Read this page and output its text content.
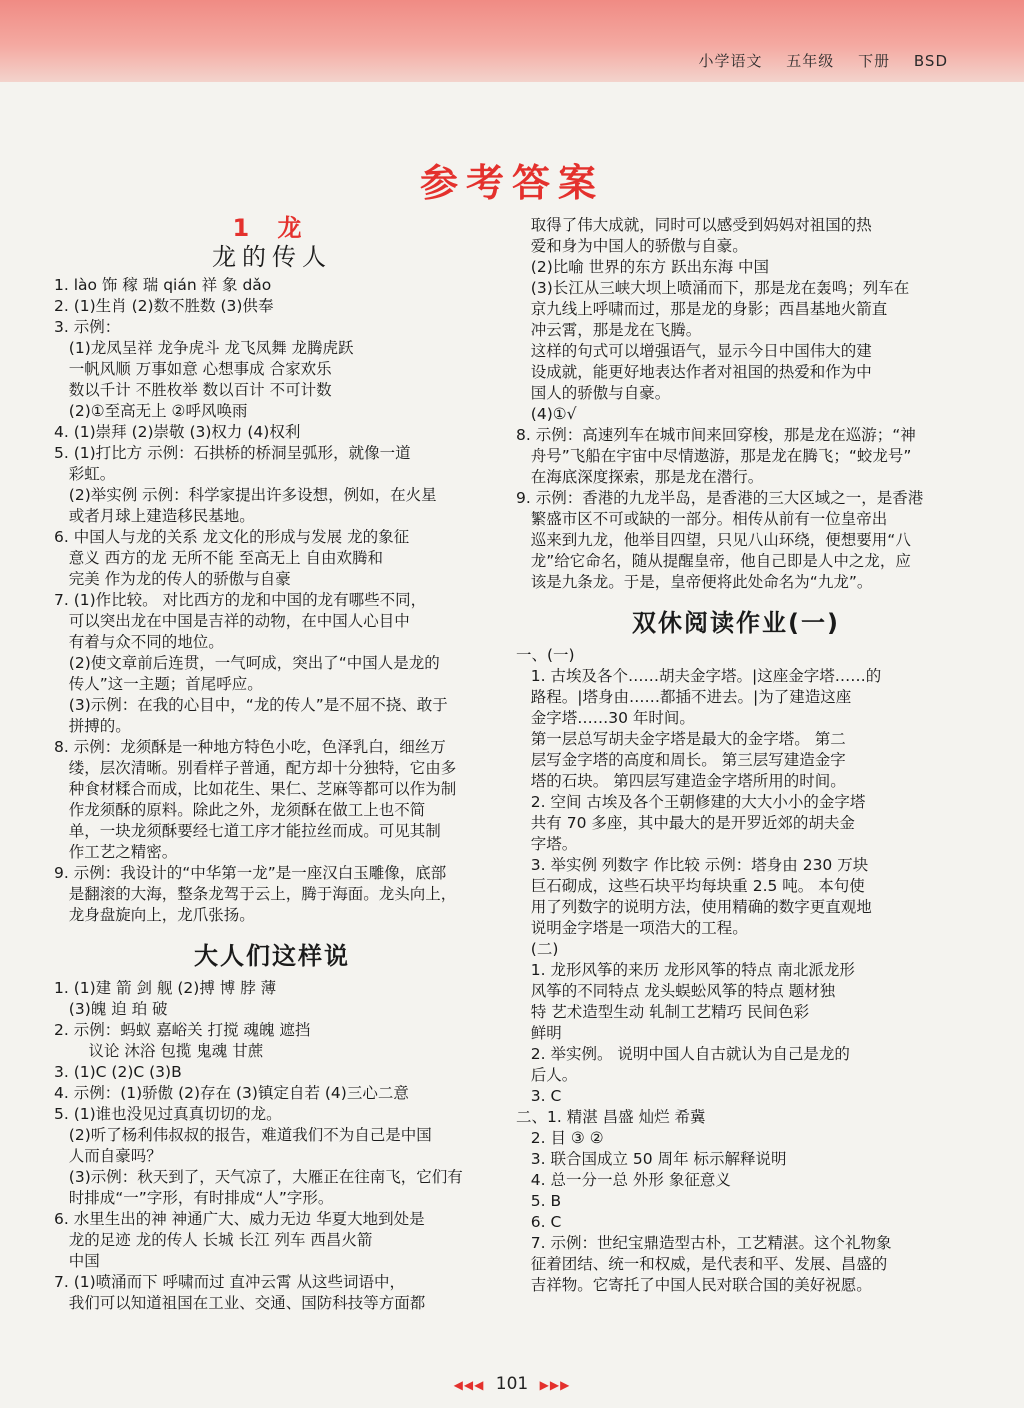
小学语文 五年级 下册 BSD
参考答案
1 龙
龙的传人
1. lào 饰 稼 瑞 qián 祥 象 dǎo
2. (1)生肖 (2)数不胜数 (3)供奉
3. 示例：
(1)龙凤呈祥 龙争虎斗 龙飞凤舞 龙腾虎跃
一帆风顺 万事如意 心想事成 合家欢乐
数以千计 不胜枚举 数以百计 不可计数
(2)①至高无上 ②呼风唤雨
4. (1)崇拜 (2)崇敬 (3)权力 (4)权利
5. (1)打比方 示例：石拱桥的桥洞呈弧形，就像一道
彩虹。
(2)举实例 示例：科学家提出许多设想，例如，在火星
或者月球上建造移民基地。
6. 中国人与龙的关系 龙文化的形成与发展 龙的象征
意义 西方的龙 无所不能 至高无上 自由欢腾和
完美 作为龙的传人的骄傲与自豪
7. (1)作比较。 对比西方的龙和中国的龙有哪些不同，
可以突出龙在中国是吉祥的动物，在中国人心目中
有着与众不同的地位。
(2)使文章前后连贯，一气呵成，突出了“中国人是龙的
传人”这一主题；首尾呼应。
(3)示例：在我的心目中，“龙的传人”是不屈不挠、敢于
拼搏的。
8. 示例：龙须酥是一种地方特色小吃，色泽乳白，细丝万
缕，层次清晰。别看样子普通，配方却十分独特，它由多
种食材糅合而成，比如花生、果仁、芝麻等都可以作为制
作龙须酥的原料。除此之外，龙须酥在做工上也不简
单，一块龙须酥要经七道工序才能拉丝而成。可见其制
作工艺之精密。
9. 示例：我设计的“中华第一龙”是一座汉白玉雕像，底部
是翻滚的大海，整条龙驾于云上，腾于海面。龙头向上，
龙身盘旋向上，龙爪张扬。
大人们这样说
1. (1)建 箭 剑 舰 (2)搏 博 脖 薄
(3)魄 迫 珀 破
2. 示例：蚂蚁 嘉峪关 打搅 魂魄 遮挡
议论 沐浴 包揽 鬼魂 甘蔗
3. (1)C (2)C (3)B
4. 示例：(1)骄傲 (2)存在 (3)镇定自若 (4)三心二意
5. (1)谁也没见过真真切切的龙。
(2)听了杨利伟叔叔的报告，难道我们不为自己是中国
人而自豪吗？
(3)示例：秋天到了，天气凉了，大雁正在往南飞，它们有
时排成“一”字形，有时排成“人”字形。
6. 水里生出的神 神通广大、威力无边 华夏大地到处是
龙的足迹 龙的传人 长城 长江 列车 西昌火箭
中国
7. (1)喷涌而下 呼啸而过 直冲云霄 从这些词语中，
我们可以知道祖国在工业、交通、国防科技等方面都
取得了伟大成就，同时可以感受到妈妈对祖国的热
爱和身为中国人的骄傲与自豪。
(2)比喻 世界的东方 跃出东海 中国
(3)长江从三峡大坝上喷涌而下，那是龙在轰鸣；列车在
京九线上呼啸而过，那是龙的身影；西昌基地火箭直
冲云霄，那是龙在飞腾。
这样的句式可以增强语气，显示今日中国伟大的建
设成就，能更好地表达作者对祖国的热爱和作为中
国人的骄傲与自豪。
(4)①√
8. 示例：高速列车在城市间来回穿梭，那是龙在巡游；“神
舟号”飞船在宇宙中尽情遨游，那是龙在腾飞；“蛟龙号”
在海底深度探索，那是龙在潜行。
9. 示例：香港的九龙半岛，是香港的三大区域之一，是香港
繁盛市区不可或缺的一部分。相传从前有一位皇帝出
巡来到九龙，他举目四望，只见八山环绕，便想要用“八
龙”给它命名，随从提醒皇帝，他自己即是人中之龙，应
该是九条龙。于是，皇帝便将此处命名为“九龙”。
双休阅读作业(一)
一、(一)
1. 古埃及各个……胡夫金字塔。|这座金字塔……的
路程。|塔身由……都插不进去。|为了建造这座
金字塔……30 年时间。
第一层总写胡夫金字塔是最大的金字塔。 第二
层写金字塔的高度和周长。 第三层写建造金字
塔的石块。 第四层写建造金字塔所用的时间。
2. 空间 古埃及各个王朝修建的大大小小的金字塔
共有 70 多座，其中最大的是开罗近郊的胡夫金
字塔。
3. 举实例 列数字 作比较 示例：塔身由 230 万块
巨石砌成，这些石块平均每块重 2.5 吨。 本句使
用了列数字的说明方法，使用精确的数字更直观地
说明金字塔是一项浩大的工程。
(二)
1. 龙形风筝的来历 龙形风筝的特点 南北派龙形
风筝的不同特点 龙头蜈蚣风筝的特点 题材独
特 艺术造型生动 轧制工艺精巧 民间色彩
鲜明
2. 举实例。 说明中国人自古就认为自己是龙的
后人。
3. C
二、1. 精湛 昌盛 灿烂 希冀
2. 目 ③ ②
3. 联合国成立 50 周年 标示解释说明
4. 总一分一总 外形 象征意义
5. B
6. C
7. 示例：世纪宝鼎造型古朴，工艺精湛。这个礼物象
征着团结、统一和权威，是代表和平、发展、昌盛的
吉祥物。它寄托了中国人民对联合国的美好祝愿。
◀◀◀ 101 ▶▶▶
